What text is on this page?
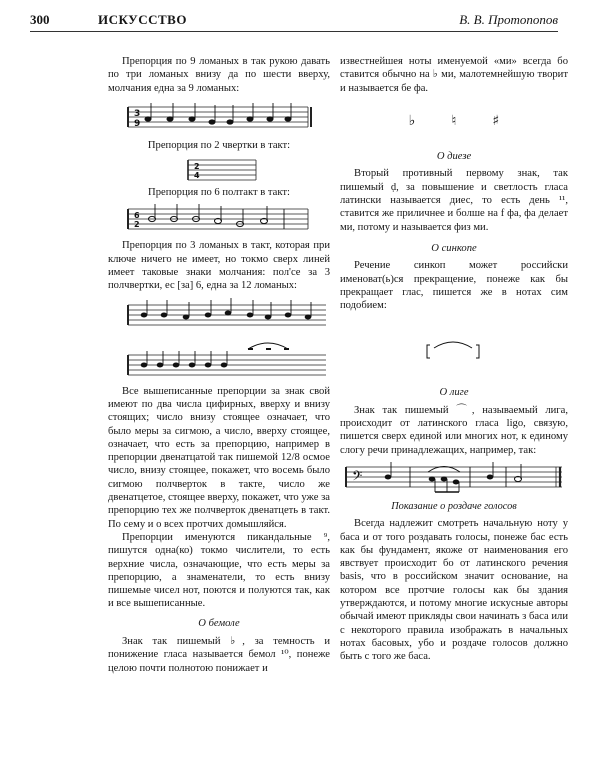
300	ИСКУССТВО	В. В. Протопопов

Препорция по 9 ломаных в так рукою давать по три ломаных внизу да по шести вверху, молчания една за 9 ломаных:

3
9

Препорция по 2 чвертки в такт:

2
4

Препорция по 6 полтакт в такт:

6
2

Препорция по 3 ломаных в такт, которая при ключе ничего не имеет, но токмо сверх линей имеет таковые знаки молчания: пол'се за 3 полчвертки, ес [за] 6, една за 12 ломаных:

Все вышеписанные препорции за знак свой имеют по два числа цифирных, вверху и внизу стоящих; число внизу стоящее означает, что было меры за сигмою, а число, вверху стоящее, означает, что есть за препорцию, например в препорции двенатцатой так пишемой 12/8 осмое число, внизу стоящее, покажет, что восемь было сигмою полчверток в такте, число же двенатцетое, стоящее вверху, покажет, что уже за препорцию тех же полчверток двенатцеть в такт. По сему и о всех протчих домышляйся.

Препорции именуются пикандальные ⁹, пишутся одна(ко) токмо числители, то есть верхние числа, означающие, что есть меры за препорцию, а знаменатели, то есть внизу пишемые чисел нот, поются и полуются так, как и все вышеписанные.

О бемоле

Знак так пишемый ♭, за темность и понижение гласа называется бемол ¹⁰, понеже целою почти полнотою понижает и

известнейшея ноты именуемой «ми» всегда бо ставится обычно на ♭ ми, малотемнейшую творит и называется бе фа.

♭	♮	♯
О диезе

Вторый противный первому знак, так пишемый ḍ, за повышение и светлость гласа латински называется диес, то есть день ¹¹, ставится же приличнее и болше на f фа, фа делает ми, потому и называется физ ми.

О синкопе

Речение синкоп может российски именоват(ь)ся прекращение, понеже как бы прекращает глас, пишется же в нотах сим подобием:

О лиге

Знак так пишемый ⌒, называемый лига, происходит от латинского гласа ligo, связую, пишется сверх единой или многих нот, к единому слогу речи принадлежащих, например, так:

𝄢
Показание о роздаче голосов

Всегда надлежит смотреть начальную ноту у баса и от того роздавать голосы, понеже бас есть как бы фундамент, якоже от наименования его явствует происходит бо от латинского речения basis, что в российском значит основание, на котором все протчие голосы как бы здания утверждаются, и потому многие искусные авторы обычай имеют прикляды свои начинать з баса или с некоторого правила изображать в начальных нотах басовых, убо и роздаче голосов должно быть с того же баса.
